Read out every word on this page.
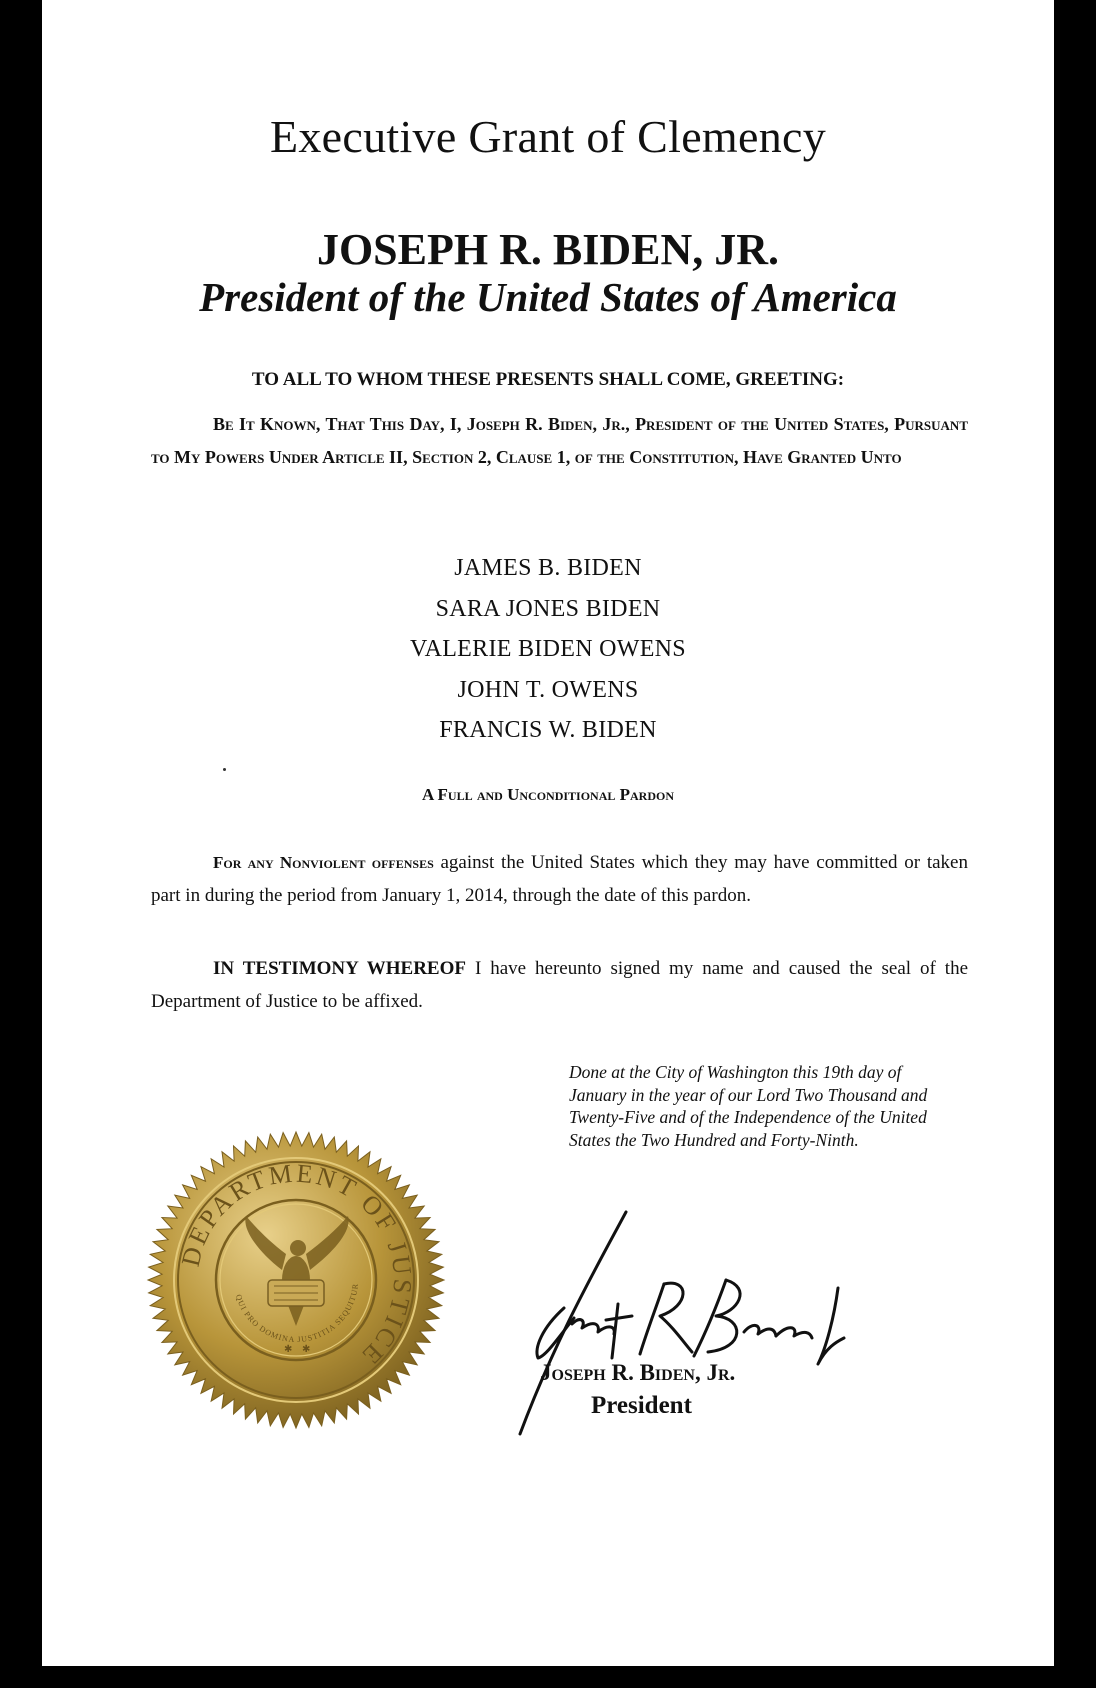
Executive Grant of Clemency
JOSEPH R. BIDEN, JR.
President of the United States of America
TO ALL TO WHOM THESE PRESENTS SHALL COME, GREETING:

Be It Known, That This Day, I, Joseph R. Biden, Jr., President of the United States, Pursuant to My Powers Under Article II, Section 2, Clause 1, of the Constitution, Have Granted Unto

JAMES B. BIDEN
SARA JONES BIDEN
VALERIE BIDEN OWENS
JOHN T. OWENS
FRANCIS W. BIDEN
A Full and Unconditional Pardon

For any Nonviolent offenses against the United States which they may have committed or taken part in during the period from January 1, 2014, through the date of this pardon.

IN TESTIMONY WHEREOF I have hereunto signed my name and caused the seal of the Department of Justice to be affixed.

Done at the City of Washington this 19th day of January in the year of our Lord Two Thousand and Twenty-Five and of the Independence of the United States the Two Hundred and Forty-Ninth.

DEPARTMENT OF JUSTICE
QUI PRO DOMINA JUSTITIA SEQUITUR
✱ ✱
Joseph R. Biden, Jr.
President
